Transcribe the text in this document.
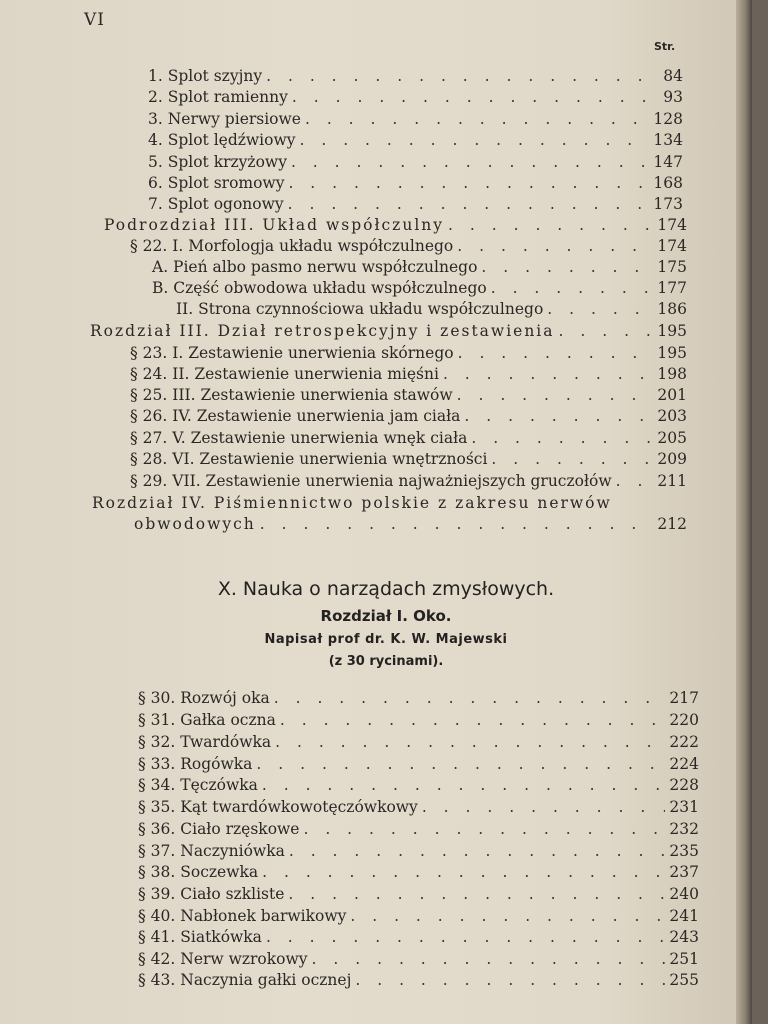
VI
Str.
1. Splot szyjny . . .	84
2. Splot ramienny . . .	93
3. Nerwy piersiowe . . .	128
4. Splot lędźwiowy . . .	134
5. Splot krzyżowy . . .	147
6. Splot sromowy . . .	168
7. Splot ogonowy . . .	173
Podrozdział III. Układ współczulny . . .	174
§ 22. I. Morfologja układu współczulnego . . .	174
A. Pień albo pasmo nerwu współczulnego . . .	175
B. Część obwodowa układu współczulnego . . .	177
II. Strona czynnościowa układu współczulnego . . .	186
Rozdział III. Dział retrospekcyjny i zestawienia . . .	195
§ 23. I. Zestawienie unerwienia skórnego . . .	195
§ 24. II. Zestawienie unerwienia mięśni . . .	198
§ 25. III. Zestawienie unerwienia stawów . . .	201
§ 26. IV. Zestawienie unerwienia jam ciała . . .	203
§ 27. V. Zestawienie unerwienia wnęk ciała . . .	205
§ 28. VI. Zestawienie unerwienia wnętrzności . . .	209
§ 29. VII. Zestawienie unerwienia najważniejszych gruczołów . . .	211
Rozdział IV. Piśmiennictwo polskie z zakresu nerwów
obwodowych . . .	212
X. Nauka o narządach zmysłowych.
Rozdział I. Oko.
Napisał prof dr. K. W. Majewski
(z 30 rycinami).
§ 30. Rozwój oka . . .	217
§ 31. Gałka oczna . . .	220
§ 32. Twardówka . . .	222
§ 33. Rogówka . . .	224
§ 34. Tęczówka . . .	228
§ 35. Kąt twardówkowotęczówkowy . . .	231
§ 36. Ciało rzęskowe . . .	232
§ 37. Naczyniówka . . .	235
§ 38. Soczewka . . .	237
§ 39. Ciało szkliste . . .	240
§ 40. Nabłonek barwikowy . . .	241
§ 41. Siatkówka . . .	243
§ 42. Nerw wzrokowy . . .	251
§ 43. Naczynia gałki ocznej . . .	255
